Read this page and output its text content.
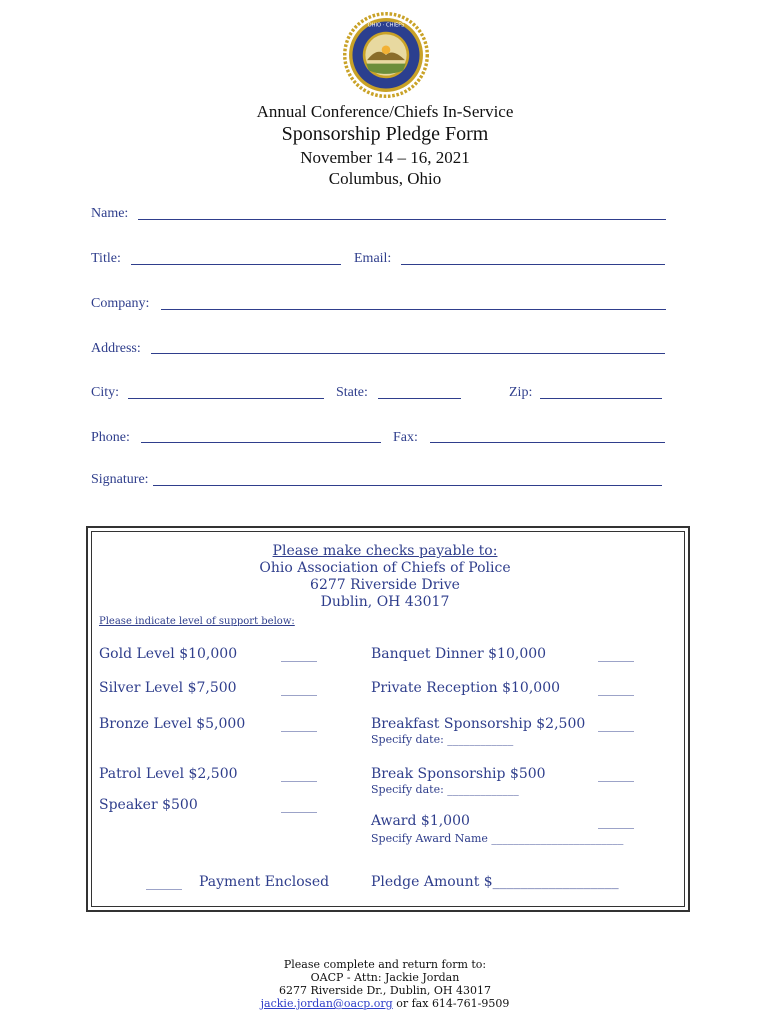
OHIO · CHIEFS
Annual Conference/Chiefs In-Service
Sponsorship Pledge Form
November 14 – 16, 2021
Columbus, Ohio
Name:
Title:	Email:
Company:
Address:
City:	State:	Zip:
Phone:	Fax:
Signature:
Please make checks payable to:
Ohio Association of Chiefs of Police
6277 Riverside Drive
Dublin, OH 43017
Please indicate level of support below:
Gold Level $10,000	______
Silver Level $7,500	______
Bronze Level $5,000	______
Patrol Level $2,500	______
Speaker $500	______
Banquet Dinner $10,000	______
Private Reception $10,000	______
Breakfast Sponsorship $2,500 ______
Specify date: ____________
Break Sponsorship $500	______
Specify date: _____________
Award $1,000	______
Specify Award Name ________________________
______ Payment Enclosed	Pledge Amount $__________________
Please complete and return form to:
OACP - Attn: Jackie Jordan
6277 Riverside Dr., Dublin, OH 43017
jackie.jordan@oacp.org or fax 614-761-9509
